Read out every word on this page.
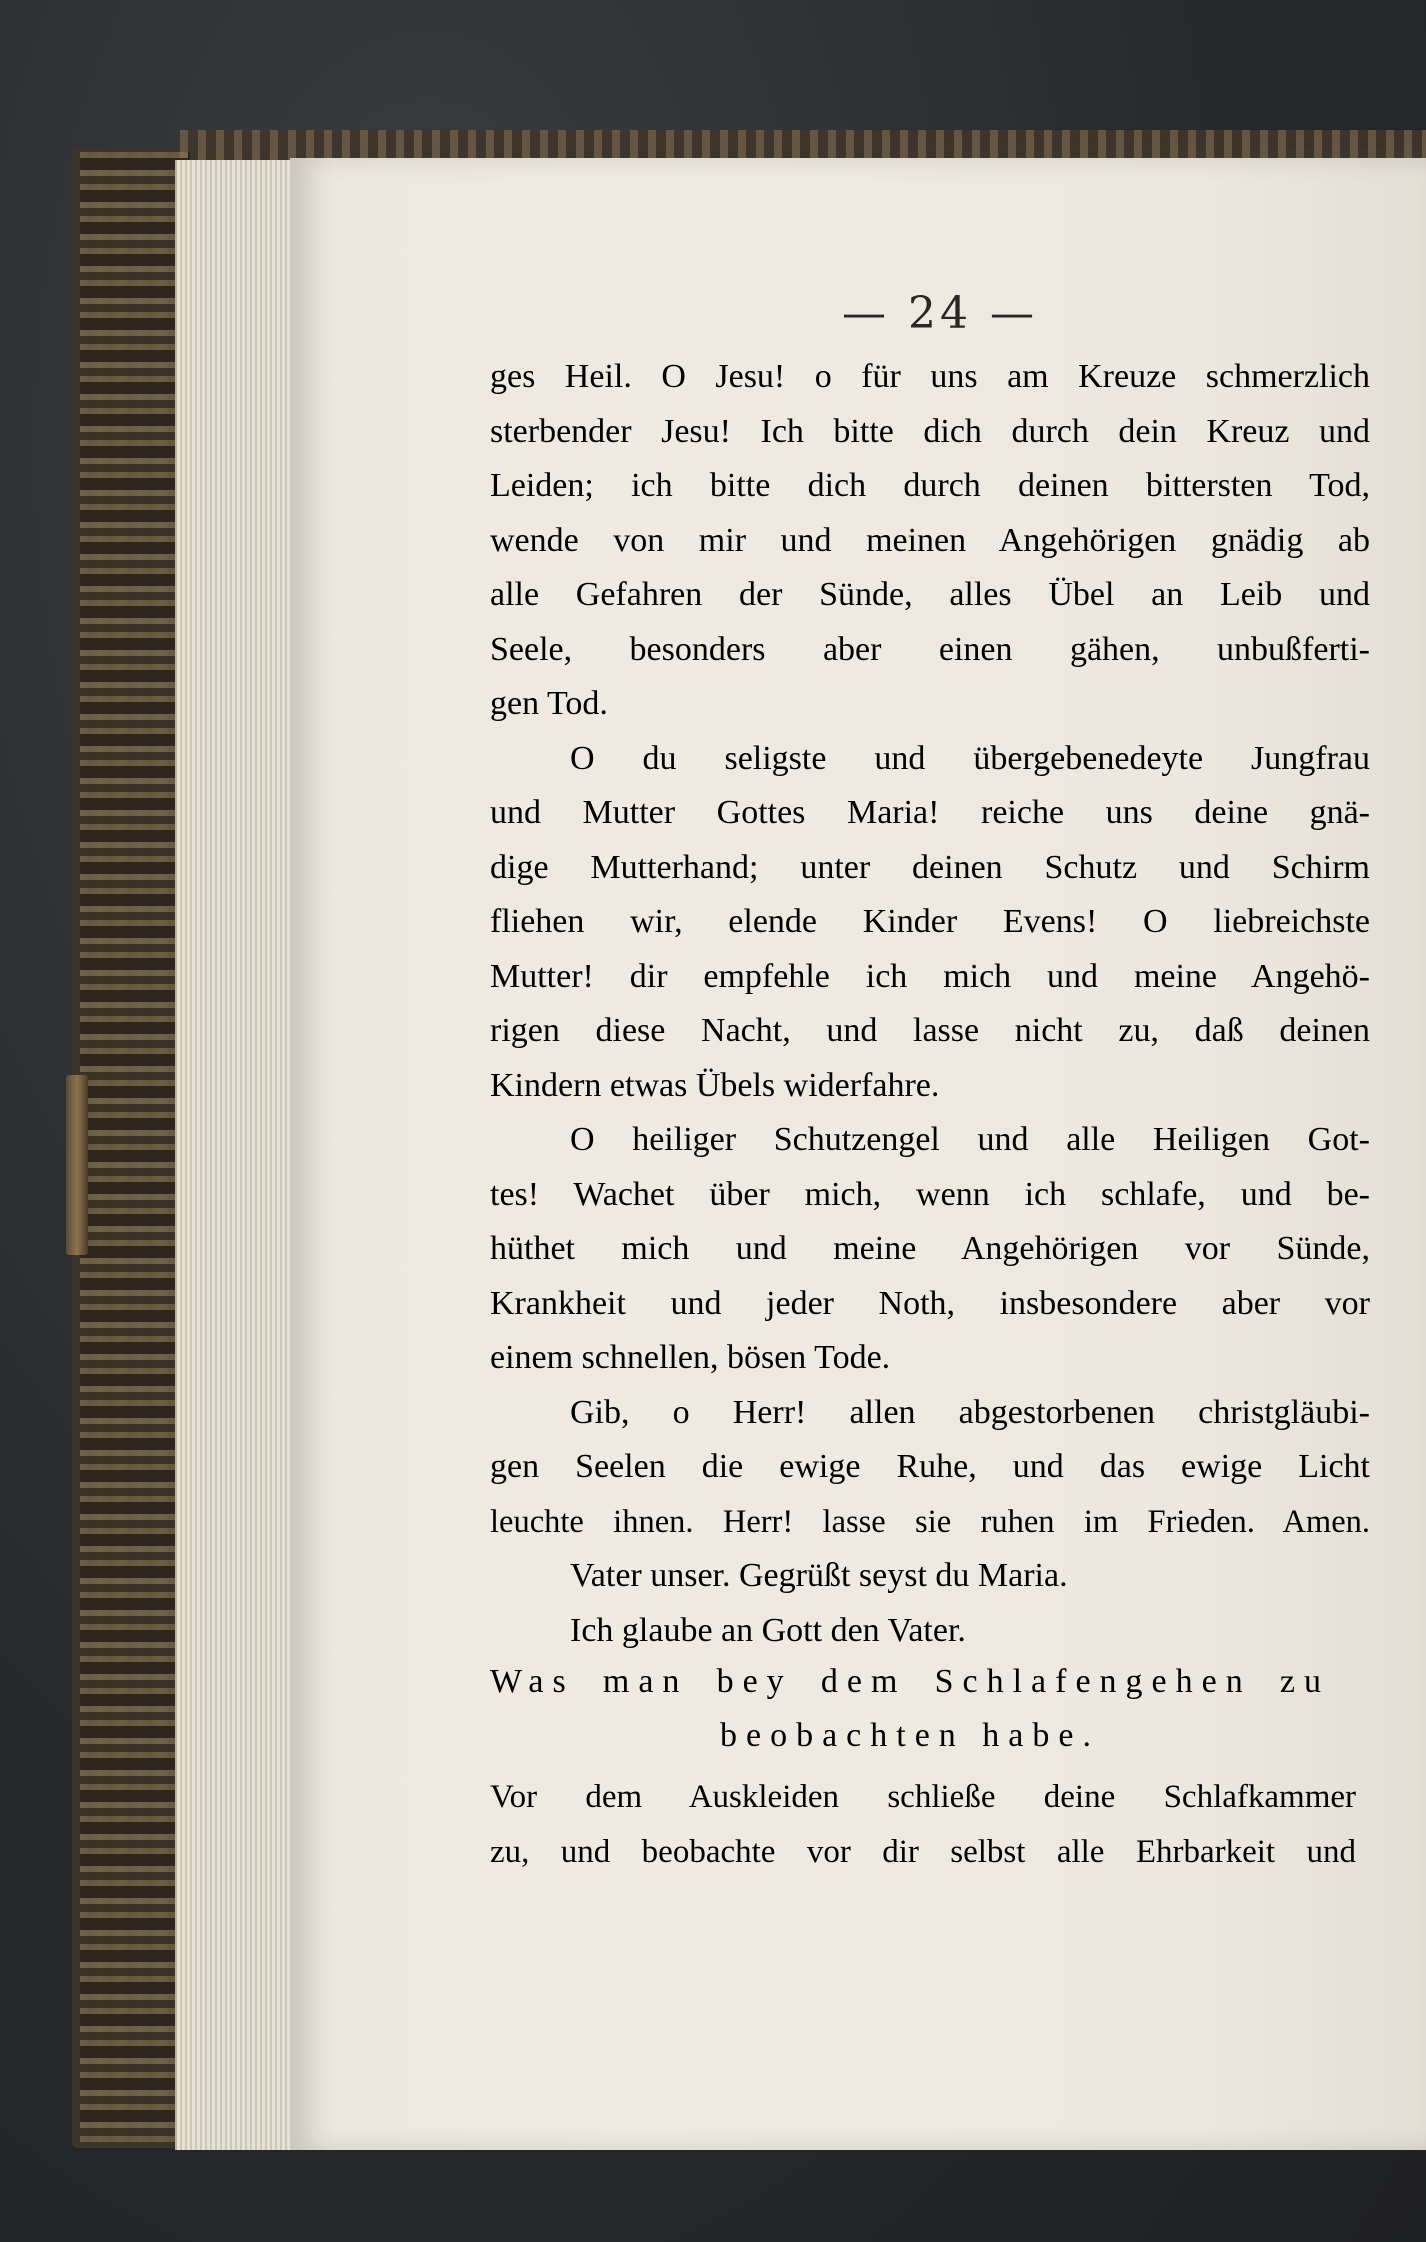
— 24 —
ges Heil. O Jesu! o für uns am Kreuze schmerzlich
sterbender Jesu! Ich bitte dich durch dein Kreuz und
Leiden; ich bitte dich durch deinen bittersten Tod,
wende von mir und meinen Angehörigen gnädig ab
alle Gefahren der Sünde, alles Übel an Leib und
Seele, besonders aber einen gähen, unbußferti-
gen Tod.
O du seligste und übergebenedeyte Jungfrau
und Mutter Gottes Maria! reiche uns deine gnä-
dige Mutterhand; unter deinen Schutz und Schirm
fliehen wir, elende Kinder Evens! O liebreichste
Mutter! dir empfehle ich mich und meine Angehö-
rigen diese Nacht, und lasse nicht zu, daß deinen
Kindern etwas Übels widerfahre.
O heiliger Schutzengel und alle Heiligen Got-
tes! Wachet über mich, wenn ich schlafe, und be-
hüthet mich und meine Angehörigen vor Sünde,
Krankheit und jeder Noth, insbesondere aber vor
einem schnellen, bösen Tode.
Gib, o Herr! allen abgestorbenen christgläubi-
gen Seelen die ewige Ruhe, und das ewige Licht
leuchte ihnen. Herr! lasse sie ruhen im Frieden. Amen.
Vater unser. Gegrüßt seyst du Maria.
Ich glaube an Gott den Vater.
Was man bey dem Schlafengehen zu
beobachten habe.
Vor dem Auskleiden schließe deine Schlafkammer
zu, und beobachte vor dir selbst alle Ehrbarkeit und
